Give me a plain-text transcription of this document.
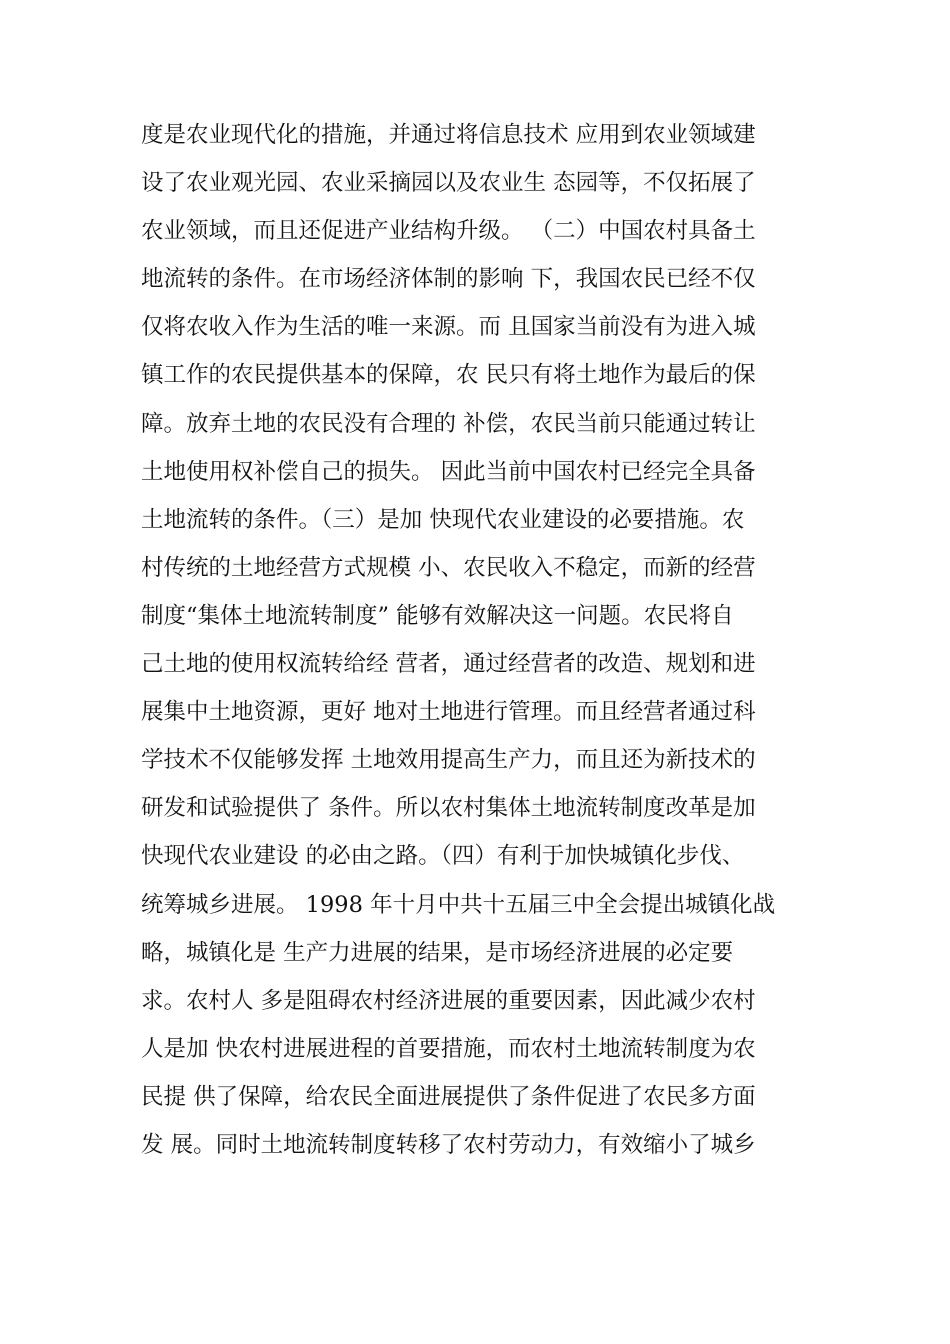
度是农业现代化的措施，并通过将信息技术 应用到农业领域建
设了农业观光园、农业采摘园以及农业生 态园等，不仅拓展了
农业领域，而且还促进产业结构升级。 （二）中国农村具备土
地流转的条件。在市场经济体制的影响 下，我国农民已经不仅
仅将农收入作为生活的唯一来源。而 且国家当前没有为进入城
镇工作的农民提供基本的保障，农 民只有将土地作为最后的保
障。放弃土地的农民没有合理的 补偿，农民当前只能通过转让
土地使用权补偿自己的损失。 因此当前中国农村已经完全具备
土地流转的条件。（三）是加 快现代农业建设的必要措施。农
村传统的土地经营方式规模 小、农民收入不稳定，而新的经营
制度“集体土地流转制度” 能够有效解决这一问题。农民将自
己土地的使用权流转给经 营者，通过经营者的改造、规划和进
展集中土地资源，更好 地对土地进行管理。而且经营者通过科
学技术不仅能够发挥 土地效用提高生产力，而且还为新技术的
研发和试验提供了 条件。所以农村集体土地流转制度改革是加
快现代农业建设 的必由之路。（四）有利于加快城镇化步伐、
统筹城乡进展。 1998 年十月中共十五届三中全会提出城镇化战
略，城镇化是 生产力进展的结果，是市场经济进展的必定要
求。农村人 多是阻碍农村经济进展的重要因素，因此减少农村
人是加 快农村进展进程的首要措施，而农村土地流转制度为农
民提 供了保障，给农民全面进展提供了条件促进了农民多方面
发 展。同时土地流转制度转移了农村劳动力，有效缩小了城乡
